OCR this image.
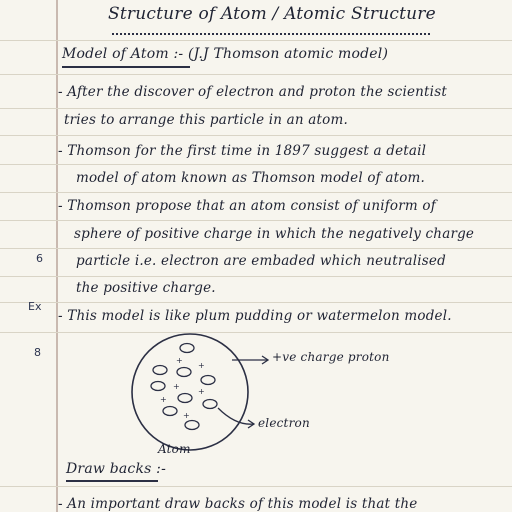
Structure of Atom / Atomic Structure
Model of Atom :- (J.J Thomson atomic model)
- After the discover of electron and proton the scientist
tries to arrange this particle in an atom.
- Thomson for the first time in 1897 suggest a detail
model of atom known as Thomson model of atom.
- Thomson propose that an atom consist of uniform of
sphere of positive charge in which the negatively charge
particle i.e. electron are embaded which neutralised
the positive charge.
- This model is like plum pudding or watermelon model.
6
Ex
8
+
+
+
+
+
+
+ve charge proton
electron
Atom
Draw backs :-
- An important draw backs of this model is that the
